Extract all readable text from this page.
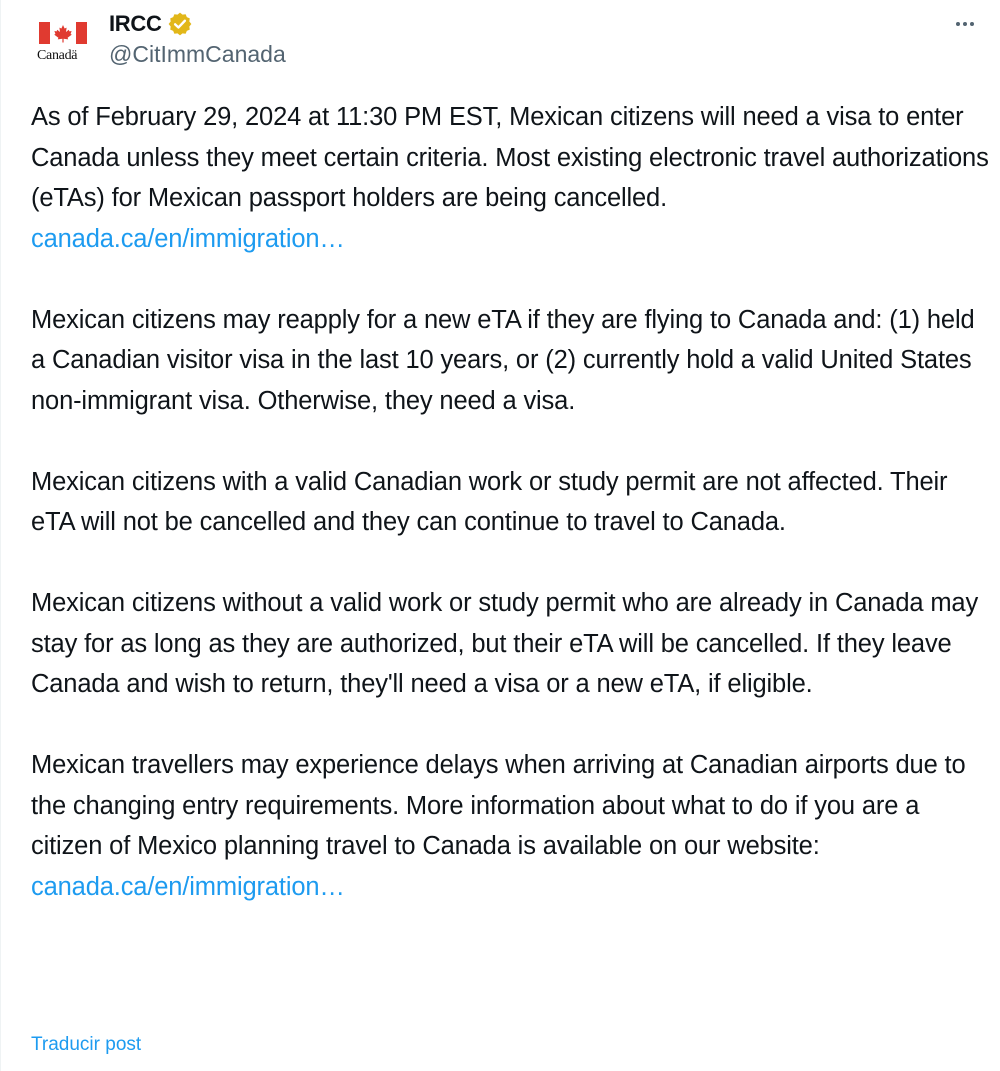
Canadä
IRCC
@CitImmCanada

As of February 29, 2024 at 11:30 PM EST, Mexican citizens will need a visa to enter Canada unless they meet certain criteria. Most existing electronic travel authorizations (eTAs) for Mexican passport holders are being cancelled.  canada.ca/en/immigration…

Mexican citizens may reapply for a new eTA if they are flying to Canada and: (1) held a Canadian visitor visa in the last 10 years, or (2) currently hold a valid United States non-immigrant visa. Otherwise, they need a visa.

Mexican citizens with a valid Canadian work or study permit are not affected. Their eTA will not be cancelled and they can continue to travel to Canada.

Mexican citizens without a valid work or study permit who are already in Canada may stay for as long as they are authorized, but their eTA will be cancelled. If they leave Canada and wish to return, they'll need a visa or a new eTA, if eligible.

Mexican travellers may experience delays when arriving at Canadian airports due to the changing entry requirements. More information about what to do if you are a citizen of Mexico planning travel to Canada is available on our website: canada.ca/en/immigration…

Traducir post
